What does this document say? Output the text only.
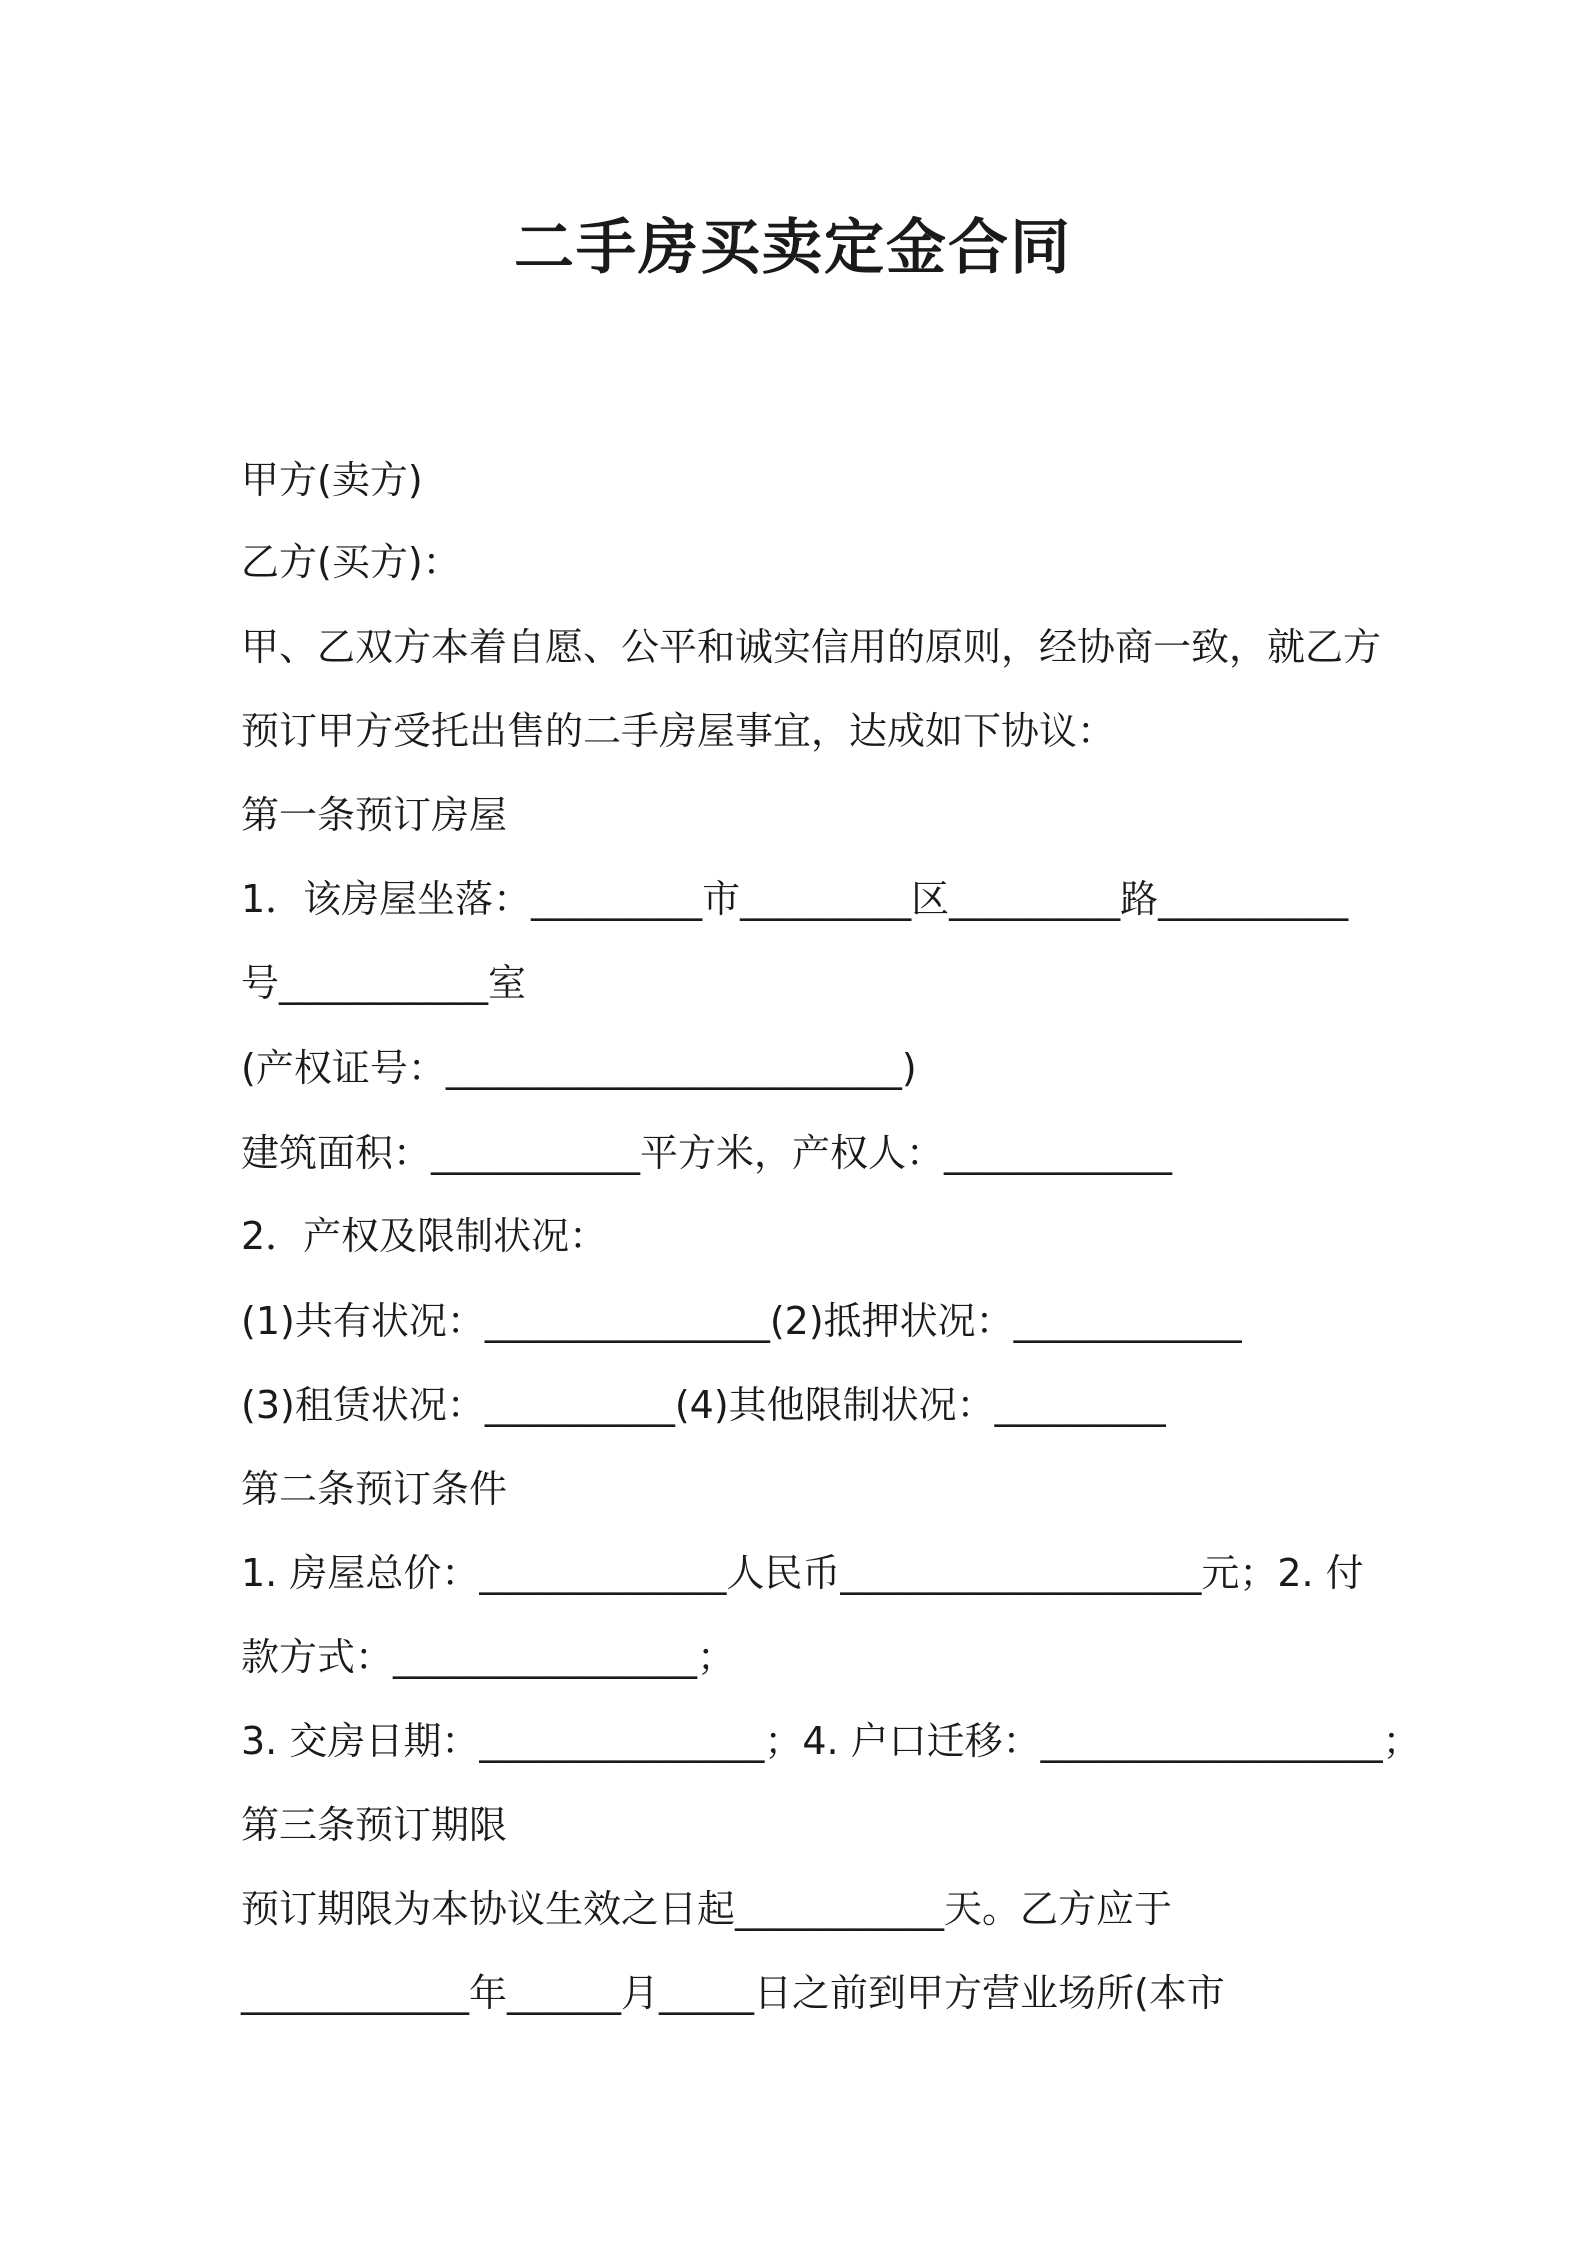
二手房买卖定金合同
甲方(卖方)
乙方(买方)：
甲、乙双方本着自愿、公平和诚实信用的原则，经协商一致，就乙方
预订甲方受托出售的二手房屋事宜，达成如下协议：
第一条预订房屋
1．该房屋坐落：_________市_________区_________路__________
号___________室
(产权证号：________________________)
建筑面积：___________平方米，产权人：____________
2．产权及限制状况：
(1)共有状况：_______________(2)抵押状况：____________
(3)租赁状况：__________(4)其他限制状况：_________
第二条预订条件
1. 房屋总价：_____________人民币___________________元；2. 付
款方式：________________；
3. 交房日期：_______________；4. 户口迁移：__________________；
第三条预订期限
预订期限为本协议生效之日起___________天。乙方应于
____________年______月_____日之前到甲方营业场所(本市
